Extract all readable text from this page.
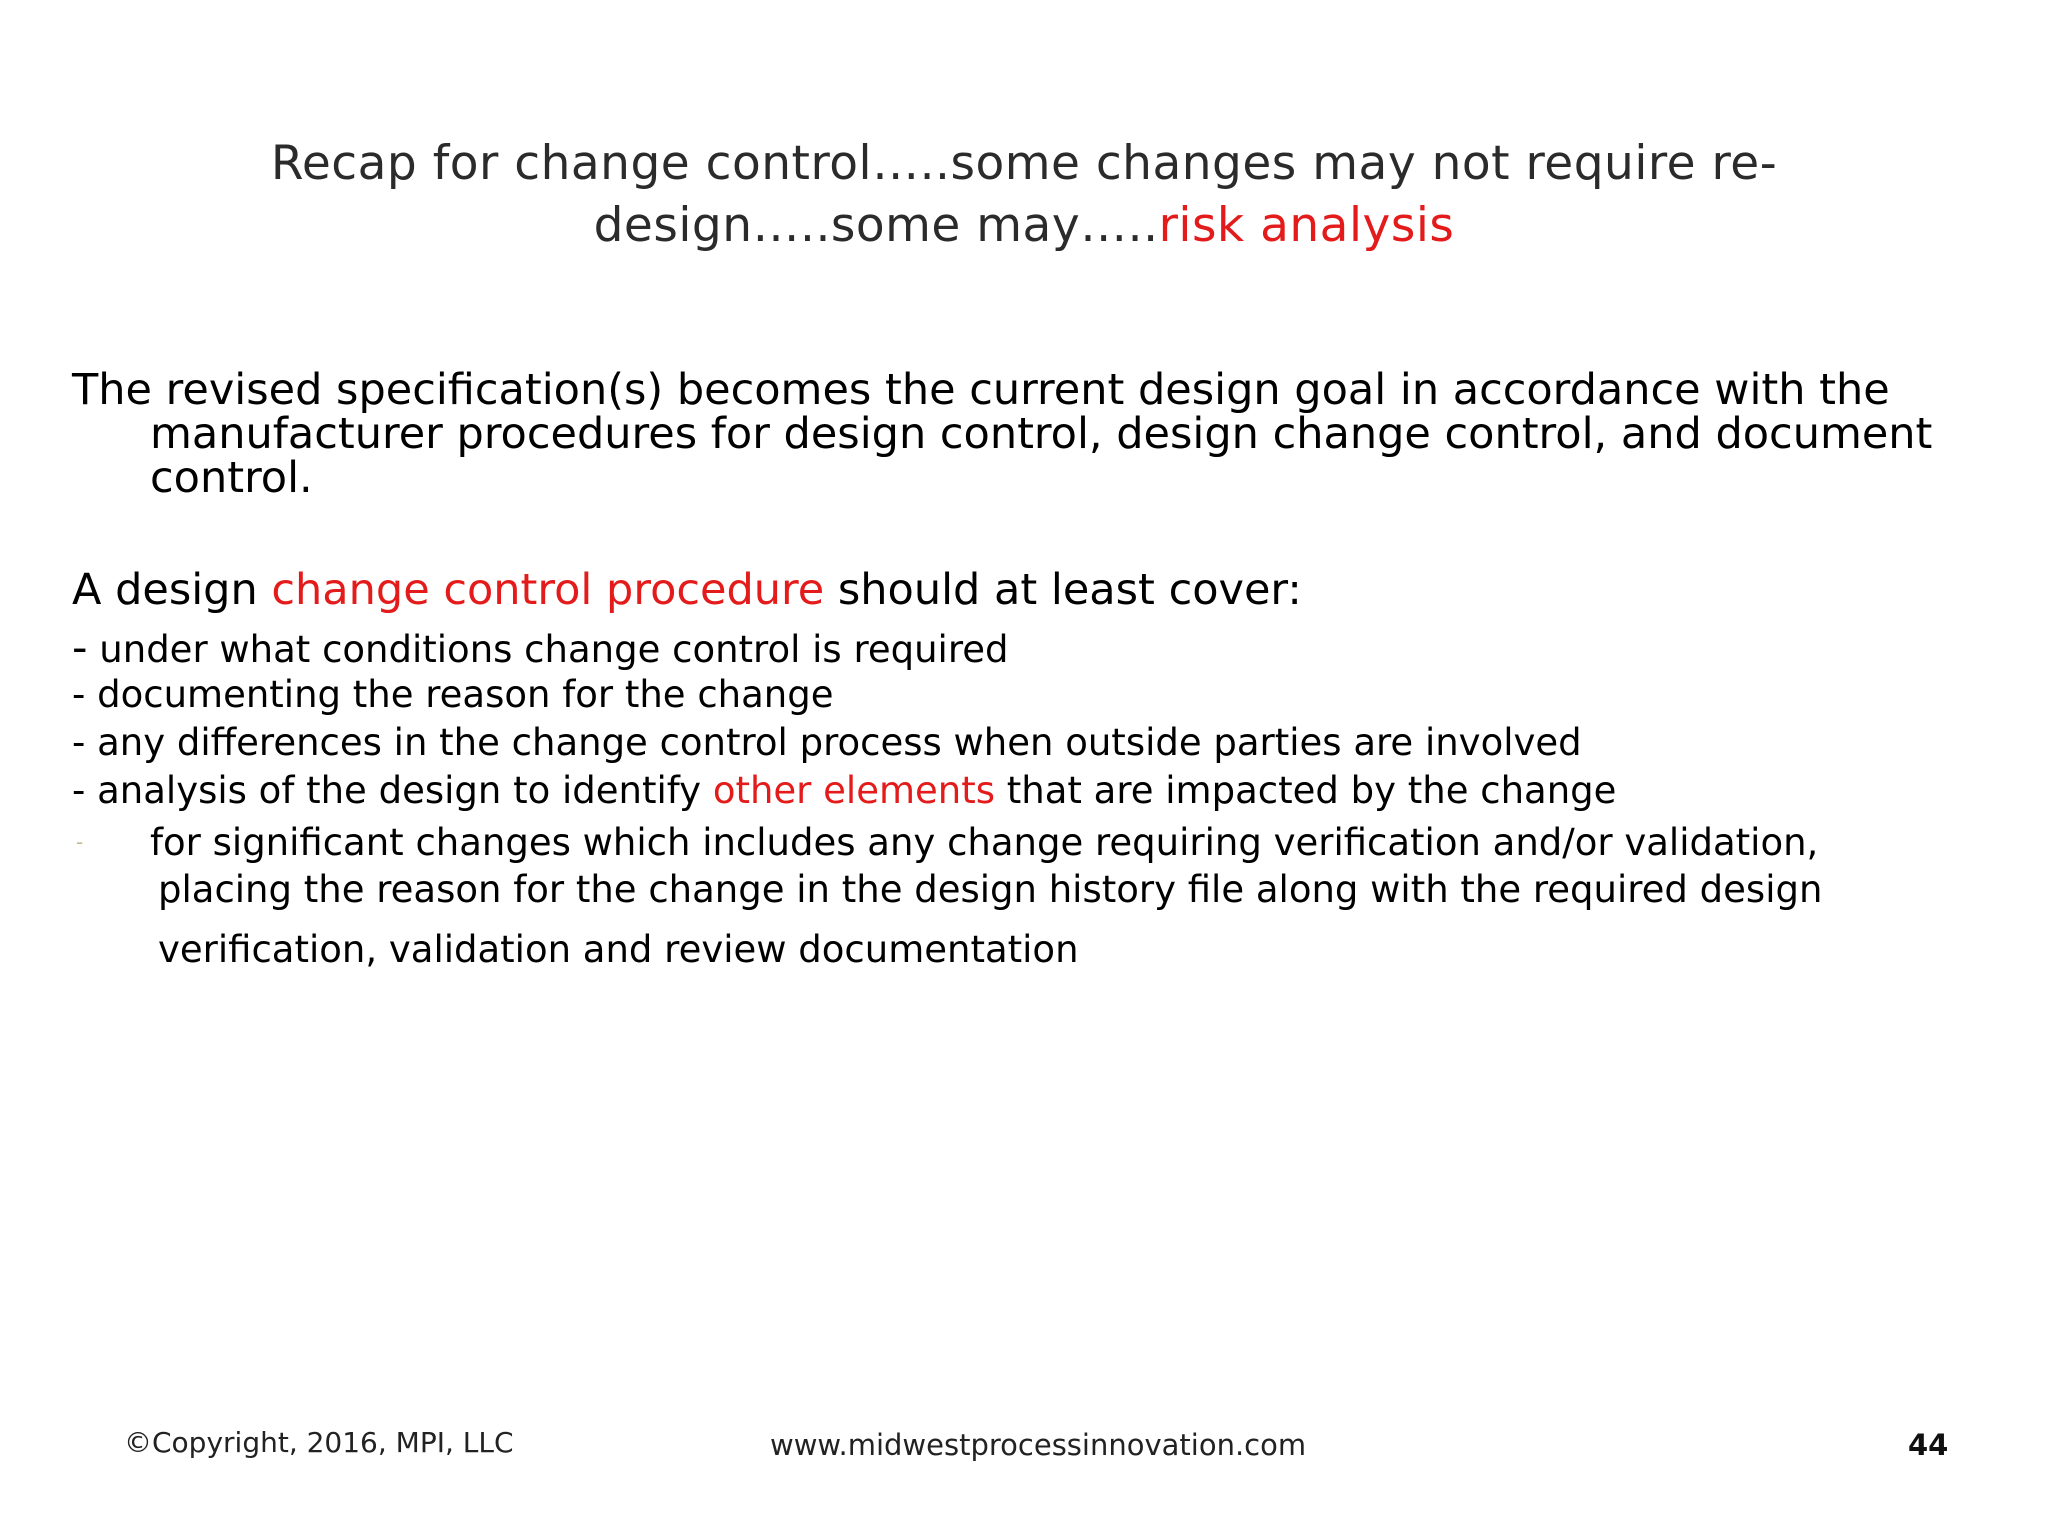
Recap for change control…..some changes may not require re-
design…..some may…..risk analysis
The revised specification(s) becomes the current design goal in accordance with the manufacturer procedures for design control, design change control, and document control.
A design change control procedure should at least cover:
- under what conditions change control is required
- documenting the reason for the change
- any differences in the change control process when outside parties are involved
- analysis of the design to identify other elements that are impacted by the change
- for significant changes which includes any change requiring verification and/or validation,
placing the reason for the change in the design history file along with the required design
verification, validation and review documentation
©Copyright, 2016, MPI, LLC	www.midwestprocessinnovation.com	44
